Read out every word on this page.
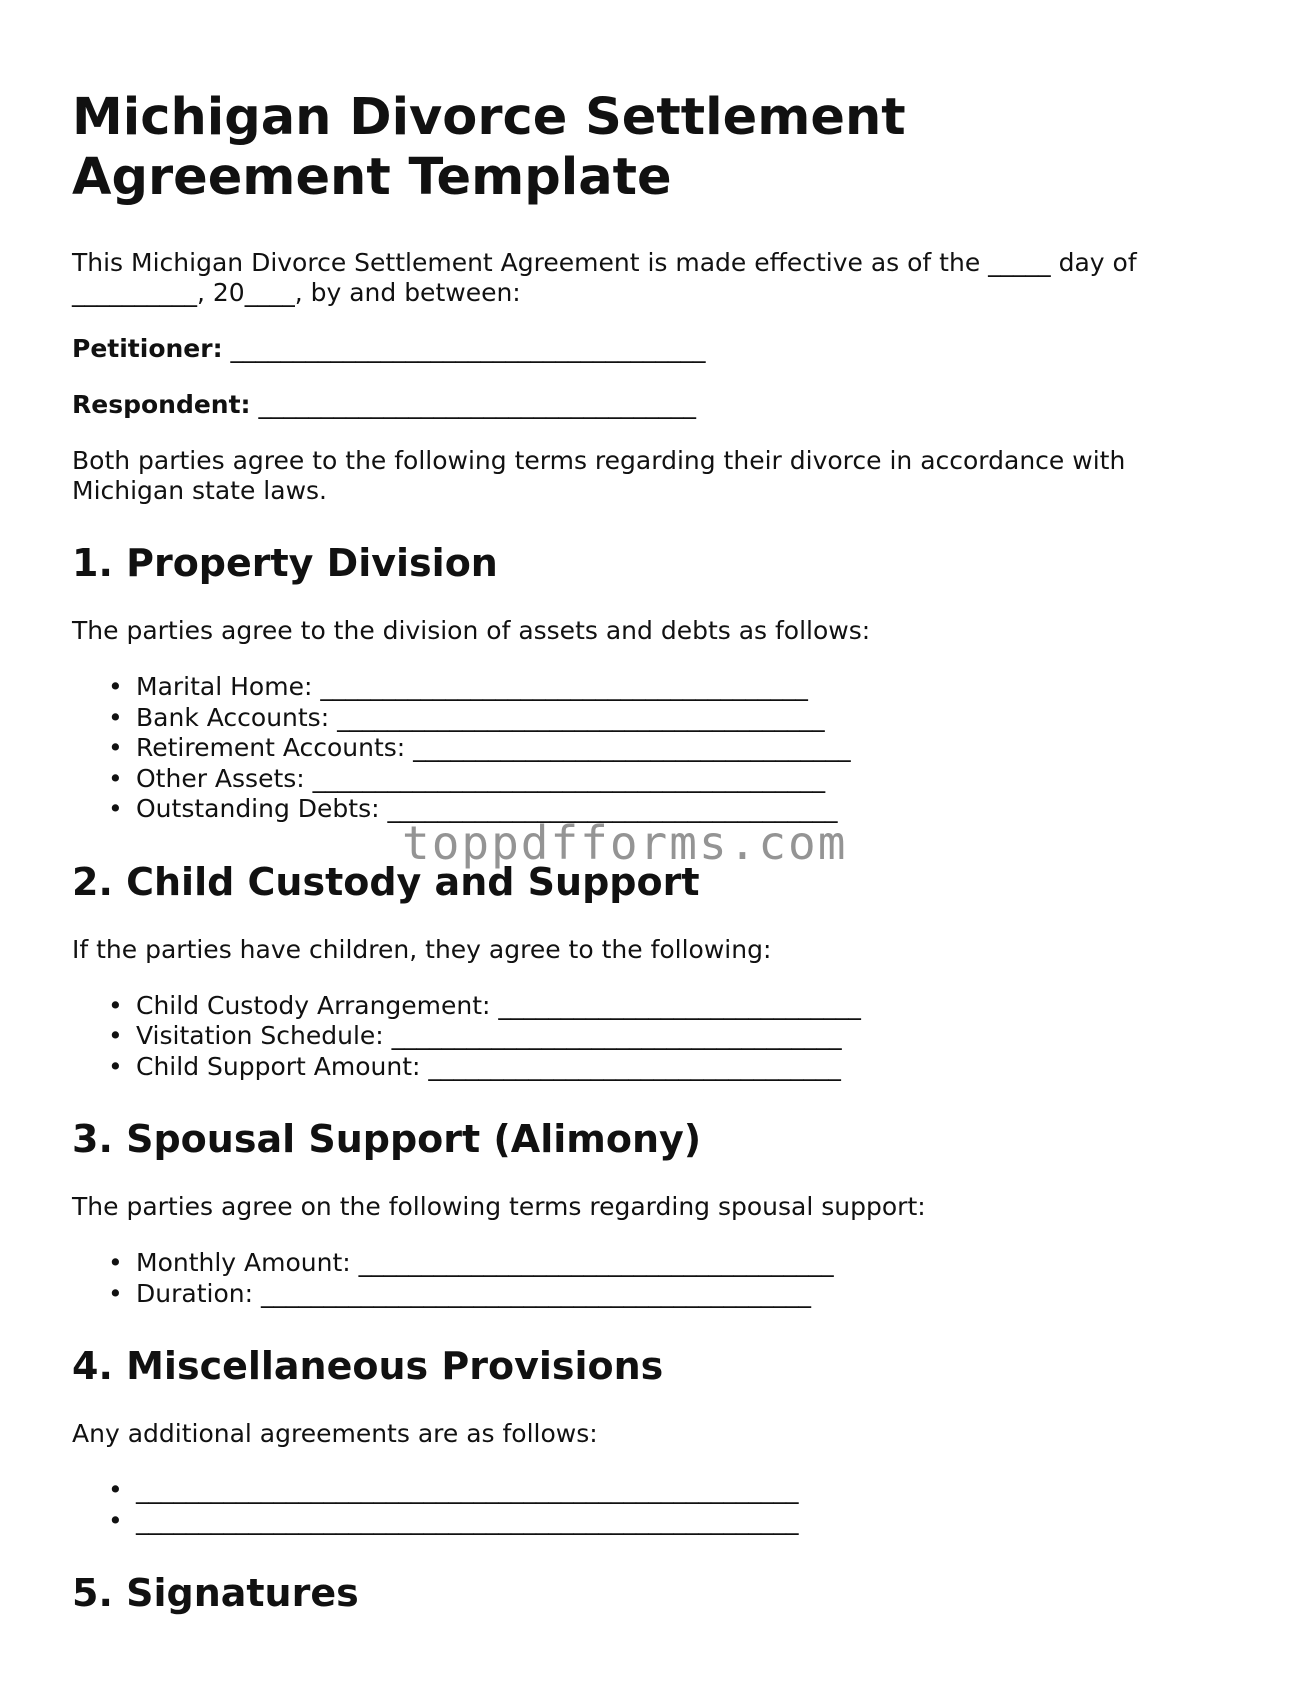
Michigan Divorce Settlement Agreement Template

This Michigan Divorce Settlement Agreement is made effective as of the _____ day of __________, 20____, by and between:

Petitioner: ______________________________________
Respondent: ___________________________________

Both parties agree to the following terms regarding their divorce in accordance with Michigan state laws.

1. Property Division

The parties agree to the division of assets and debts as follows:

• Marital Home: _______________________________________
• Bank Accounts: _______________________________________
• Retirement Accounts: ___________________________________
• Other Assets: _________________________________________
• Outstanding Debts: ____________________________________
2. Child Custody and Support

If the parties have children, they agree to the following:

• Child Custody Arrangement: _____________________________
• Visitation Schedule: ____________________________________
• Child Support Amount: _________________________________
3. Spousal Support (Alimony)

The parties agree on the following terms regarding spousal support:

• Monthly Amount: ______________________________________
• Duration: ____________________________________________
4. Miscellaneous Provisions

Any additional agreements are as follows:

• _____________________________________________________
• _____________________________________________________
5. Signatures
toppdfforms.com
